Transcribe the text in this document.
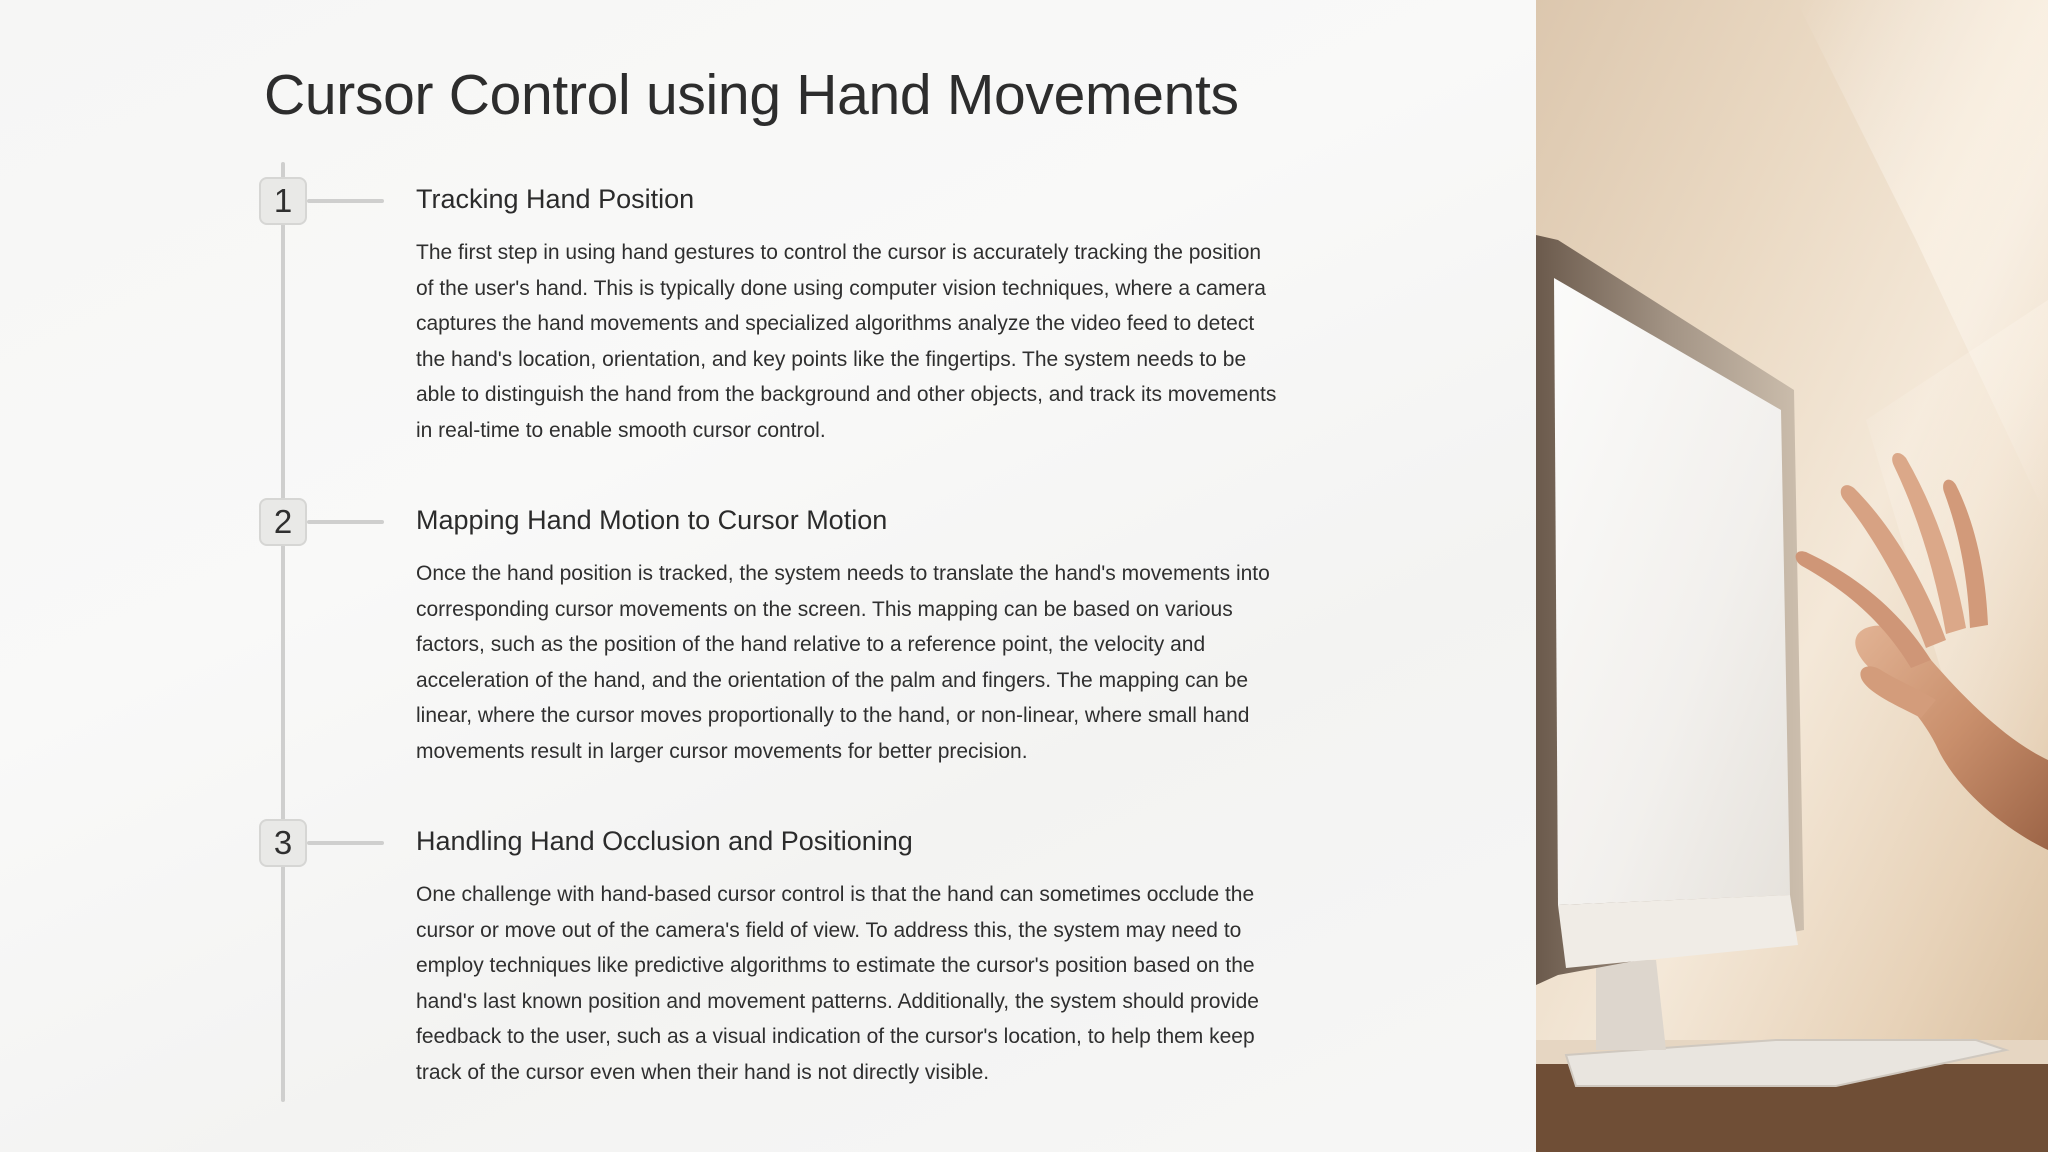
Cursor Control using Hand Movements
1	Tracking Hand Position

The first step in using hand gestures to control the cursor is accurately tracking the position of the user's hand. This is typically done using computer vision techniques, where a camera captures the hand movements and specialized algorithms analyze the video feed to detect the hand's location, orientation, and key points like the fingertips. The system needs to be able to distinguish the hand from the background and other objects, and track its movements in real-time to enable smooth cursor control.

2	Mapping Hand Motion to Cursor Motion

Once the hand position is tracked, the system needs to translate the hand's movements into corresponding cursor movements on the screen. This mapping can be based on various factors, such as the position of the hand relative to a reference point, the velocity and acceleration of the hand, and the orientation of the palm and fingers. The mapping can be linear, where the cursor moves proportionally to the hand, or non-linear, where small hand movements result in larger cursor movements for better precision.

3	Handling Hand Occlusion and Positioning

One challenge with hand-based cursor control is that the hand can sometimes occlude the cursor or move out of the camera's field of view. To address this, the system may need to employ techniques like predictive algorithms to estimate the cursor's position based on the hand's last known position and movement patterns. Additionally, the system should provide feedback to the user, such as a visual indication of the cursor's location, to help them keep track of the cursor even when their hand is not directly visible.
